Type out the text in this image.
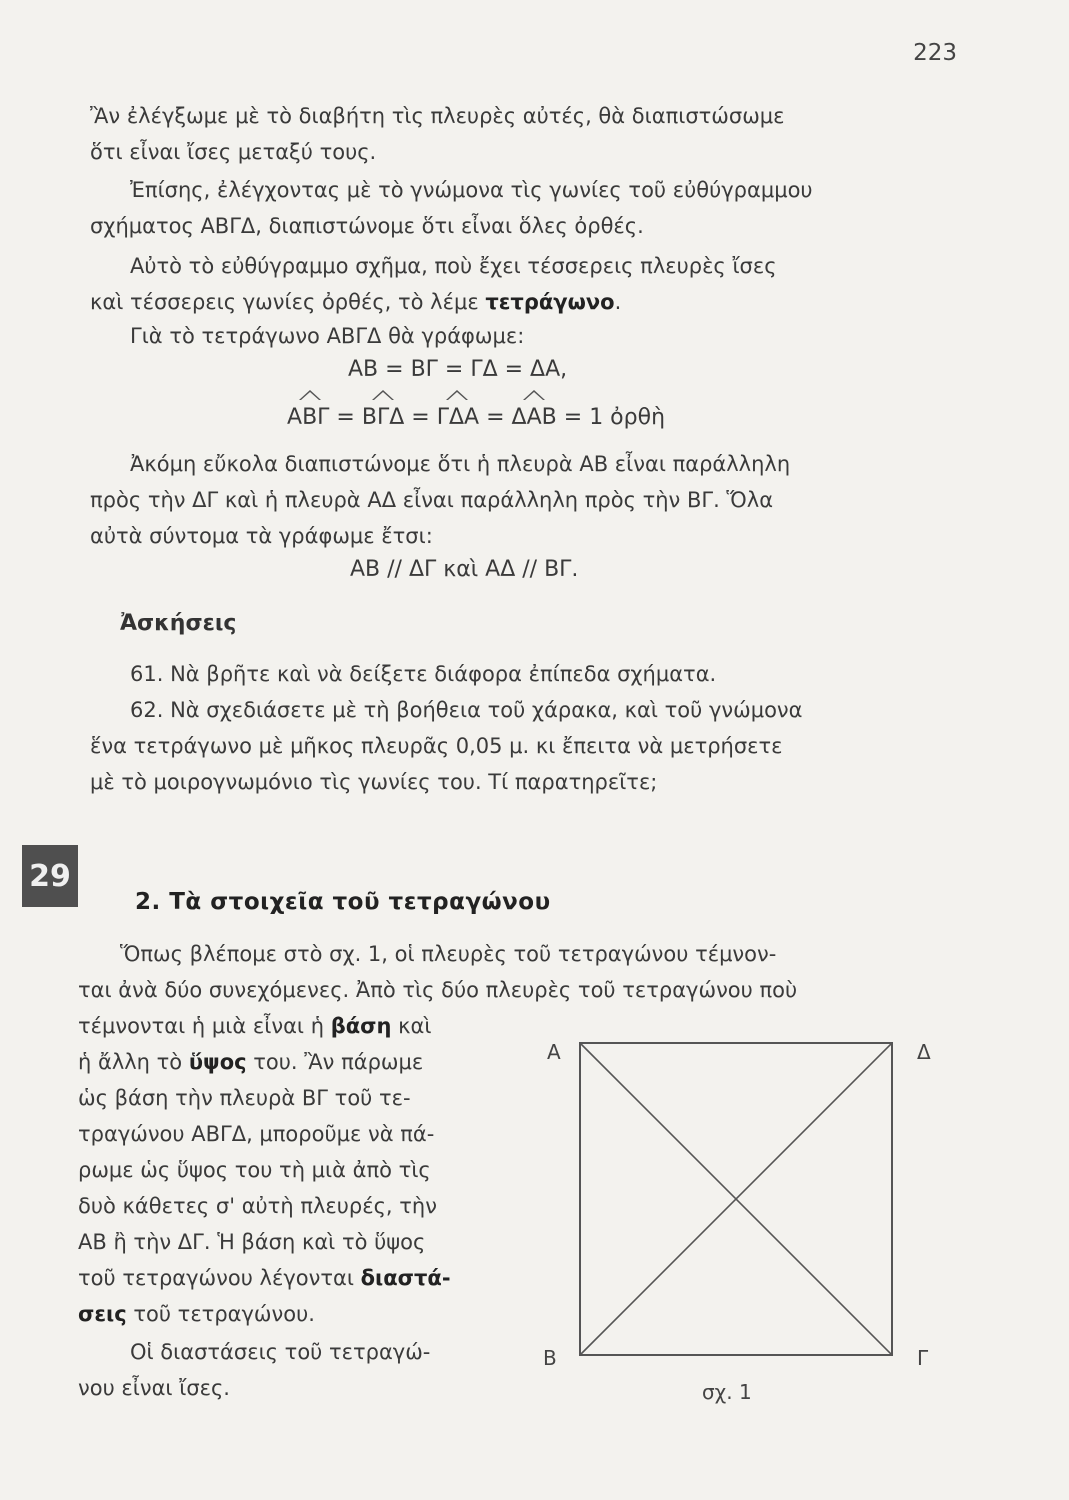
223
Ἂν ἐλέγξωμε μὲ τὸ διαβήτη τὶς πλευρὲς αὐτές, θὰ διαπιστώσωμε
ὅτι εἶναι ἴσες μεταξύ τους.
Ἐπίσης, ἐλέγχοντας μὲ τὸ γνώμονα τὶς γωνίες τοῦ εὐθύγραμμου
σχήματος ΑΒΓΔ, διαπιστώνομε ὅτι εἶναι ὅλες ὀρθές.
Αὐτὸ τὸ εὐθύγραμμο σχῆμα, ποὺ ἔχει τέσσερεις πλευρὲς ἴσες
καὶ τέσσερεις γωνίες ὀρθές, τὸ λέμε τετράγωνο.
Γιὰ τὸ τετράγωνο ΑΒΓΔ θὰ γράφωμε:
ΑΒ = ΒΓ = ΓΔ = ΔΑ,
ΑΒΓ = ΒΓΔ = ΓΔΑ = ΔΑΒ = 1 ὀρθὴ
Ἀκόμη εὔκολα διαπιστώνομε ὅτι ἡ πλευρὰ ΑΒ εἶναι παράλληλη
πρὸς τὴν ΔΓ καὶ ἡ πλευρὰ ΑΔ εἶναι παράλληλη πρὸς τὴν ΒΓ. Ὅλα
αὐτὰ σύντομα τὰ γράφωμε ἔτσι:
ΑΒ // ΔΓ καὶ ΑΔ // ΒΓ.
Ἀσκήσεις
61. Νὰ βρῆτε καὶ νὰ δείξετε διάφορα ἐπίπεδα σχήματα.
62. Νὰ σχεδιάσετε μὲ τὴ βοήθεια τοῦ χάρακα, καὶ τοῦ γνώμονα
ἕνα τετράγωνο μὲ μῆκος πλευρᾶς 0,05 μ. κι ἔπειτα νὰ μετρήσετε
μὲ τὸ μοιρογνωμόνιο τὶς γωνίες του. Τί παρατηρεῖτε;
29
2. Τὰ στοιχεῖα τοῦ τετραγώνου
Ὅπως βλέπομε στὸ σχ. 1, οἱ πλευρὲς τοῦ τετραγώνου τέμνον-
ται ἀνὰ δύο συνεχόμενες. Ἀπὸ τὶς δύο πλευρὲς τοῦ τετραγώνου ποὺ
τέμνονται ἡ μιὰ εἶναι ἡ βάση καὶ
ἡ ἄλλη τὸ ὕψος του. Ἂν πάρωμε
ὡς βάση τὴν πλευρὰ ΒΓ τοῦ τε-
τραγώνου ΑΒΓΔ, μποροῦμε νὰ πά-
ρωμε ὡς ὕψος του τὴ μιὰ ἀπὸ τὶς
δυὸ κάθετες σ' αὐτὴ πλευρές, τὴν
ΑΒ ἢ τὴν ΔΓ. Ἡ βάση καὶ τὸ ὕψος
τοῦ τετραγώνου λέγονται διαστά-
σεις τοῦ τετραγώνου.
Οἱ διαστάσεις τοῦ τετραγώ-
νου εἶναι ἴσες.
Α	Δ
Β	Γ
σχ. 1
